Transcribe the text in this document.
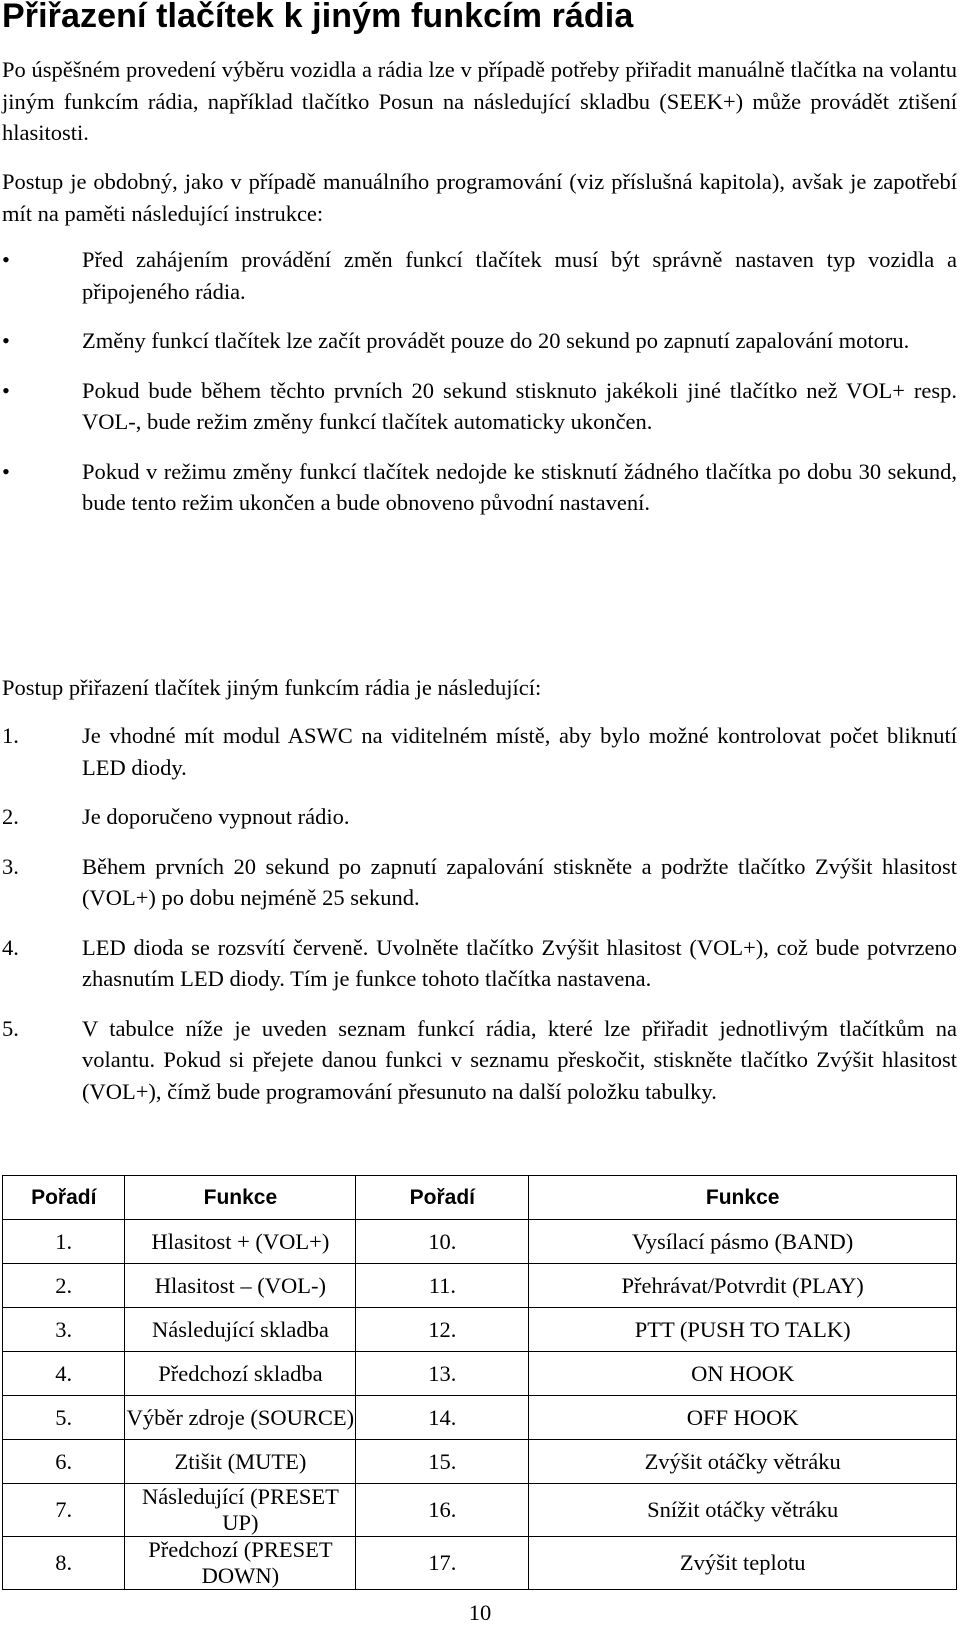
Přiřazení tlačítek k jiným funkcím rádia

Po úspěšném provedení výběru vozidla a rádia lze v případě potřeby přiřadit manuálně tlačítka na volantu jiným funkcím rádia, například tlačítko Posun na následující skladbu (SEEK+) může provádět ztišení hlasitosti.

Postup je obdobný, jako v případě manuálního programování (viz příslušná kapitola), avšak je zapotřebí mít na paměti následující instrukce:

•	Před zahájením provádění změn funkcí tlačítek musí být správně nastaven typ vozidla a připojeného rádia.
•	Změny funkcí tlačítek lze začít provádět pouze do 20 sekund po zapnutí zapalování motoru.
•	Pokud bude během těchto prvních 20 sekund stisknuto jakékoli jiné tlačítko než VOL+ resp. VOL-, bude režim změny funkcí tlačítek automaticky ukončen.
•	Pokud v režimu změny funkcí tlačítek nedojde ke stisknutí žádného tlačítka po dobu 30 sekund, bude tento režim ukončen a bude obnoveno původní nastavení.

Postup přiřazení tlačítek jiným funkcím rádia je následující:

1.	Je vhodné mít modul ASWC na viditelném místě, aby bylo možné kontrolovat počet bliknutí LED diody.
2.	Je doporučeno vypnout rádio.
3.	Během prvních 20 sekund po zapnutí zapalování stiskněte a podržte tlačítko Zvýšit hlasitost (VOL+) po dobu nejméně 25 sekund.
4.	LED dioda se rozsvítí červeně. Uvolněte tlačítko Zvýšit hlasitost (VOL+), což bude potvrzeno zhasnutím LED diody. Tím je funkce tohoto tlačítka nastavena.
5.	V tabulce níže je uveden seznam funkcí rádia, které lze přiřadit jednotlivým tlačítkům na volantu. Pokud si přejete danou funkci v seznamu přeskočit, stiskněte tlačítko Zvýšit hlasitost (VOL+), čímž bude programování přesunuto na další položku tabulky.
Pořadí	Funkce	Pořadí	Funkce
1.	Hlasitost + (VOL+)	10.	Vysílací pásmo (BAND)
2.	Hlasitost – (VOL-)	11.	Přehrávat/Potvrdit (PLAY)
3.	Následující skladba	12.	PTT (PUSH TO TALK)
4.	Předchozí skladba	13.	ON HOOK
5.	Výběr zdroje (SOURCE)	14.	OFF HOOK
6.	Ztišit (MUTE)	15.	Zvýšit otáčky větráku
7.	Následující (PRESET UP)	16.	Snížit otáčky větráku
8.	Předchozí (PRESET DOWN)	17.	Zvýšit teplotu
10
